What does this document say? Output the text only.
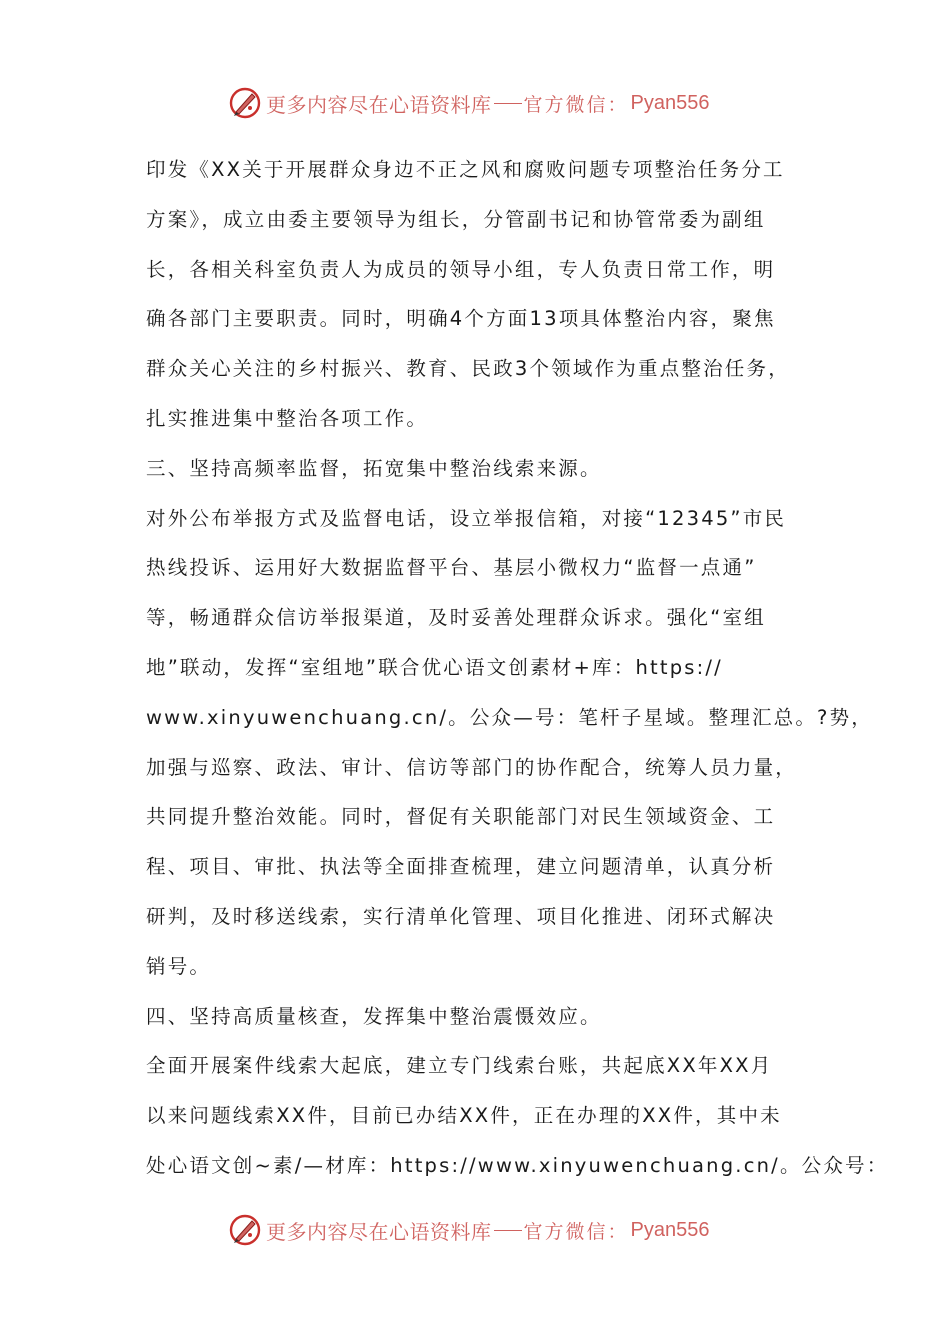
更多内容尽在心语资料库 官方微信： Pyan556

印发《XX关于开展群众身边不正之风和腐败问题专项整治任务分工
方案》，成立由委主要领导为组长，分管副书记和协管常委为副组
长，各相关科室负责人为成员的领导小组，专人负责日常工作，明
确各部门主要职责。同时，明确4个方面13项具体整治内容，聚焦
群众关心关注的乡村振兴、教育、民政3个领域作为重点整治任务，
扎实推进集中整治各项工作。

三、坚持高频率监督，拓宽集中整治线索来源。

对外公布举报方式及监督电话，设立举报信箱，对接“12345”市民
热线投诉、运用好大数据监督平台、基层小微权力“监督一点通”
等，畅通群众信访举报渠道，及时妥善处理群众诉求。强化“室组
地”联动，发挥“室组地”联合优心语文创素材+库：https://
www.xinyuwenchuang.cn/。公众—号：笔杆子星域。整理汇总。?势，
加强与巡察、政法、审计、信访等部门的协作配合，统筹人员力量，
共同提升整治效能。同时，督促有关职能部门对民生领域资金、工
程、项目、审批、执法等全面排查梳理，建立问题清单，认真分析
研判，及时移送线索，实行清单化管理、项目化推进、闭环式解决
销号。

四、坚持高质量核查，发挥集中整治震慑效应。

全面开展案件线索大起底，建立专门线索台账，共起底XX年XX月
以来问题线索XX件，目前已办结XX件，正在办理的XX件，其中未
处心语文创~素/—材库：https://www.xinyuwenchuang.cn/。公众号：

更多内容尽在心语资料库 官方微信： Pyan556
